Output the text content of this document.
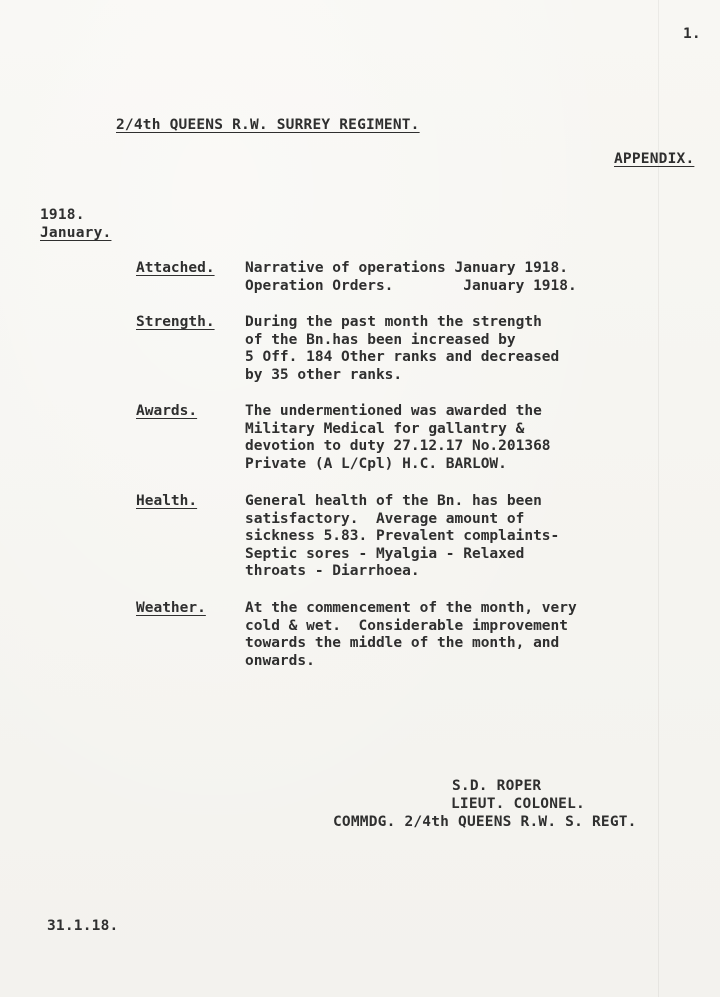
1.
2/4th QUEENS R.W. SURREY REGIMENT.
APPENDIX.
1918.
January.
Attached. Narrative of operations January 1918.
Operation Orders.        January 1918.
Strength. During the past month the strength
of the Bn.has been increased by
5 Off. 184 Other ranks and decreased
by 35 other ranks.
Awards.	The undermentioned was awarded the
Military Medical for gallantry &
devotion to duty 27.12.17 No.201368
Private (A L/Cpl) H.C. BARLOW.
Health.	General health of the Bn. has been
satisfactory.  Average amount of
sickness 5.83. Prevalent complaints-
Septic sores - Myalgia - Relaxed
throats - Diarrhoea.
Weather.	At the commencement of the month, very
cold & wet.  Considerable improvement
towards the middle of the month, and
onwards.
S.D. ROPER
LIEUT. COLONEL.
COMMDG. 2/4th QUEENS R.W. S. REGT.
31.1.18.
